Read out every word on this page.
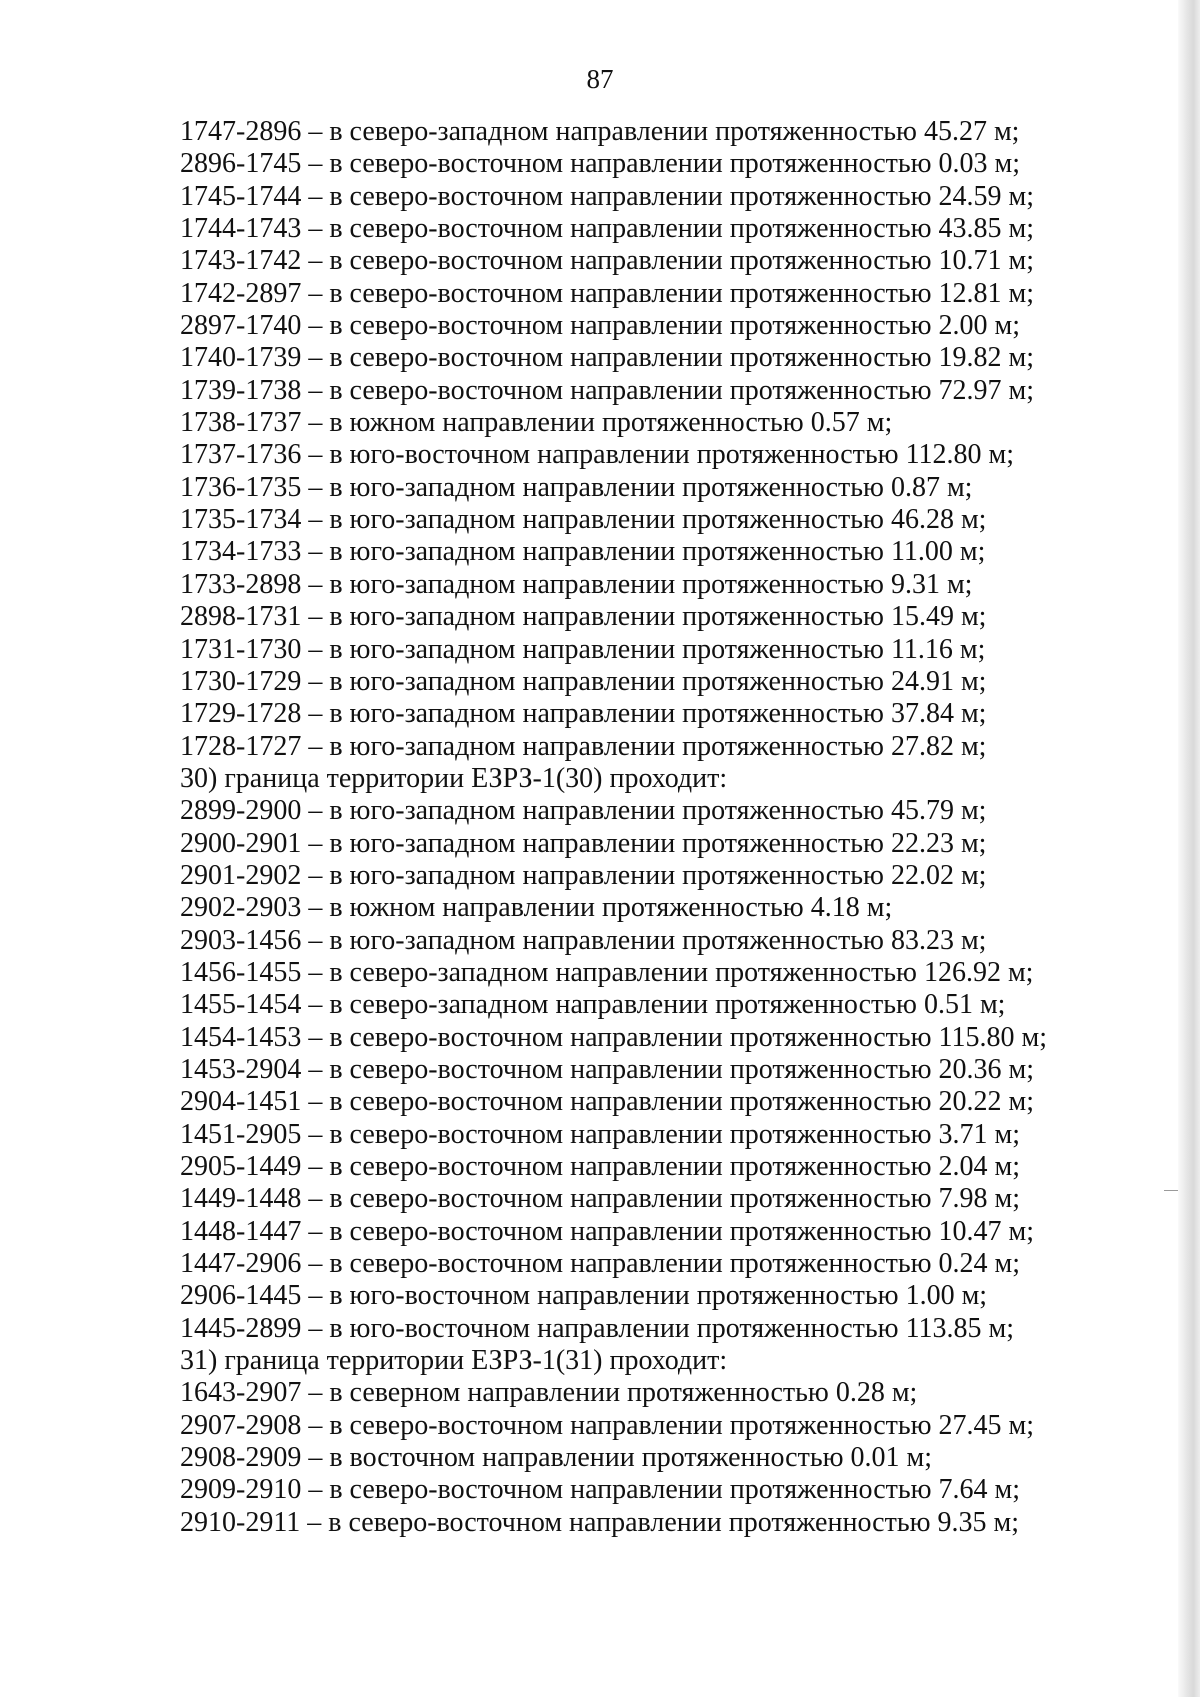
87
1747-2896 – в северо-западном направлении протяженностью 45.27 м;
2896-1745 – в северо-восточном направлении протяженностью 0.03 м;
1745-1744 – в северо-восточном направлении протяженностью 24.59 м;
1744-1743 – в северо-восточном направлении протяженностью 43.85 м;
1743-1742 – в северо-восточном направлении протяженностью 10.71 м;
1742-2897 – в северо-восточном направлении протяженностью 12.81 м;
2897-1740 – в северо-восточном направлении протяженностью 2.00 м;
1740-1739 – в северо-восточном направлении протяженностью 19.82 м;
1739-1738 – в северо-восточном направлении протяженностью 72.97 м;
1738-1737 – в южном направлении протяженностью 0.57 м;
1737-1736 – в юго-восточном направлении протяженностью 112.80 м;
1736-1735 – в юго-западном направлении протяженностью 0.87 м;
1735-1734 – в юго-западном направлении протяженностью 46.28 м;
1734-1733 – в юго-западном направлении протяженностью 11.00 м;
1733-2898 – в юго-западном направлении протяженностью 9.31 м;
2898-1731 – в юго-западном направлении протяженностью 15.49 м;
1731-1730 – в юго-западном направлении протяженностью 11.16 м;
1730-1729 – в юго-западном направлении протяженностью 24.91 м;
1729-1728 – в юго-западном направлении протяженностью 37.84 м;
1728-1727 – в юго-западном направлении протяженностью 27.82 м;
30) граница территории ЕЗРЗ-1(30) проходит:
2899-2900 – в юго-западном направлении протяженностью 45.79 м;
2900-2901 – в юго-западном направлении протяженностью 22.23 м;
2901-2902 – в юго-западном направлении протяженностью 22.02 м;
2902-2903 – в южном направлении протяженностью 4.18 м;
2903-1456 – в юго-западном направлении протяженностью 83.23 м;
1456-1455 – в северо-западном направлении протяженностью 126.92 м;
1455-1454 – в северо-западном направлении протяженностью 0.51 м;
1454-1453 – в северо-восточном направлении протяженностью 115.80 м;
1453-2904 – в северо-восточном направлении протяженностью 20.36 м;
2904-1451 – в северо-восточном направлении протяженностью 20.22 м;
1451-2905 – в северо-восточном направлении протяженностью 3.71 м;
2905-1449 – в северо-восточном направлении протяженностью 2.04 м;
1449-1448 – в северо-восточном направлении протяженностью 7.98 м;
1448-1447 – в северо-восточном направлении протяженностью 10.47 м;
1447-2906 – в северо-восточном направлении протяженностью 0.24 м;
2906-1445 – в юго-восточном направлении протяженностью 1.00 м;
1445-2899 – в юго-восточном направлении протяженностью 113.85 м;
31) граница территории ЕЗРЗ-1(31) проходит:
1643-2907 – в северном направлении протяженностью 0.28 м;
2907-2908 – в северо-восточном направлении протяженностью 27.45 м;
2908-2909 – в восточном направлении протяженностью 0.01 м;
2909-2910 – в северо-восточном направлении протяженностью 7.64 м;
2910-2911 – в северо-восточном направлении протяженностью 9.35 м;
